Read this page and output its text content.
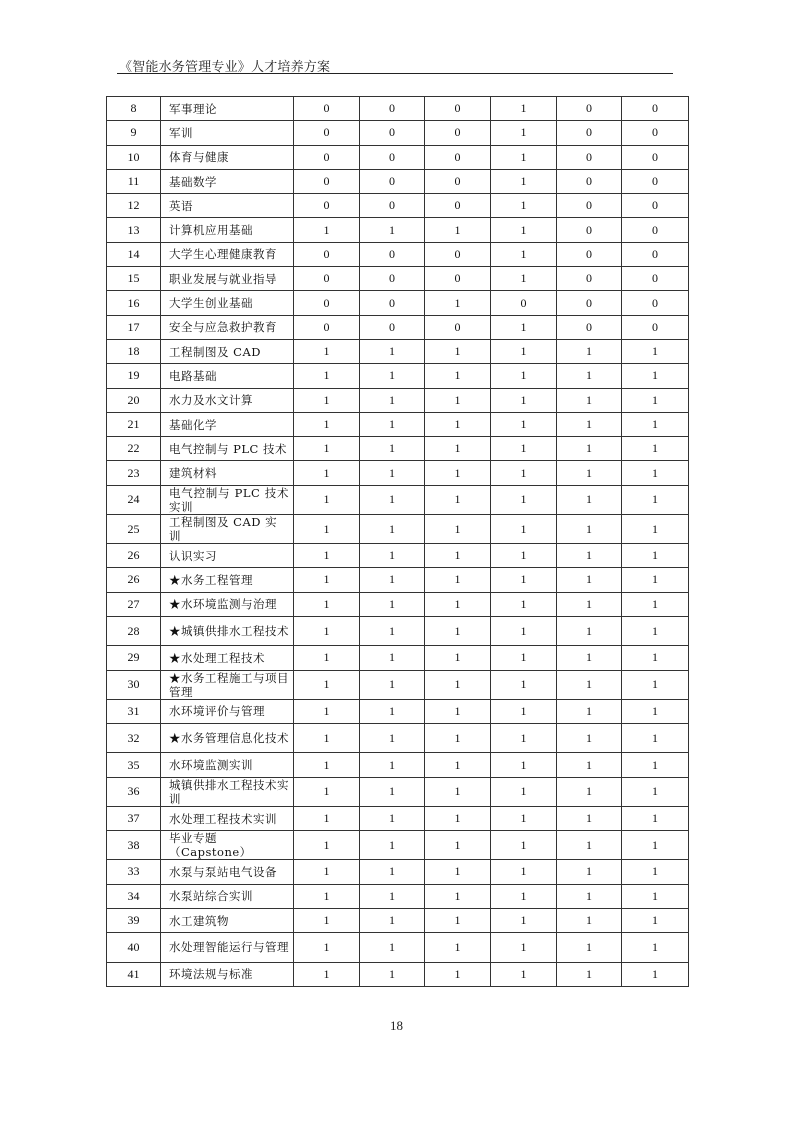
《智能水务管理专业》人才培养方案
8	军事理论	0	0	0	1	0	0
9	军训	0	0	0	1	0	0
10	体育与健康	0	0	0	1	0	0
11	基础数学	0	0	0	1	0	0
12	英语	0	0	0	1	0	0
13	计算机应用基础	1	1	1	1	0	0
14	大学生心理健康教育	0	0	0	1	0	0
15	职业发展与就业指导	0	0	0	1	0	0
16	大学生创业基础	0	0	1	0	0	0
17	安全与应急救护教育	0	0	0	1	0	0
18	工程制图及 CAD	1	1	1	1	1	1
19	电路基础	1	1	1	1	1	1
20	水力及水文计算	1	1	1	1	1	1
21	基础化学	1	1	1	1	1	1
22	电气控制与 PLC 技术	1	1	1	1	1	1
23	建筑材料	1	1	1	1	1	1
24	电气控制与 PLC 技术实训	1	1	1	1	1	1
25	工程制图及 CAD 实训	1	1	1	1	1	1
26	认识实习	1	1	1	1	1	1
26	★水务工程管理	1	1	1	1	1	1
27	★水环境监测与治理	1	1	1	1	1	1
28	★城镇供排水工程技术	1	1	1	1	1	1
29	★水处理工程技术	1	1	1	1	1	1
30	★水务工程施工与项目管理	1	1	1	1	1	1
31	水环境评价与管理	1	1	1	1	1	1
32	★水务管理信息化技术	1	1	1	1	1	1
35	水环境监测实训	1	1	1	1	1	1
36	城镇供排水工程技术实训	1	1	1	1	1	1
37	水处理工程技术实训	1	1	1	1	1	1
38	毕业专题（Capstone）	1	1	1	1	1	1
33	水泵与泵站电气设备	1	1	1	1	1	1
34	水泵站综合实训	1	1	1	1	1	1
39	水工建筑物	1	1	1	1	1	1
40	水处理智能运行与管理	1	1	1	1	1	1
41	环境法规与标准	1	1	1	1	1	1
18
